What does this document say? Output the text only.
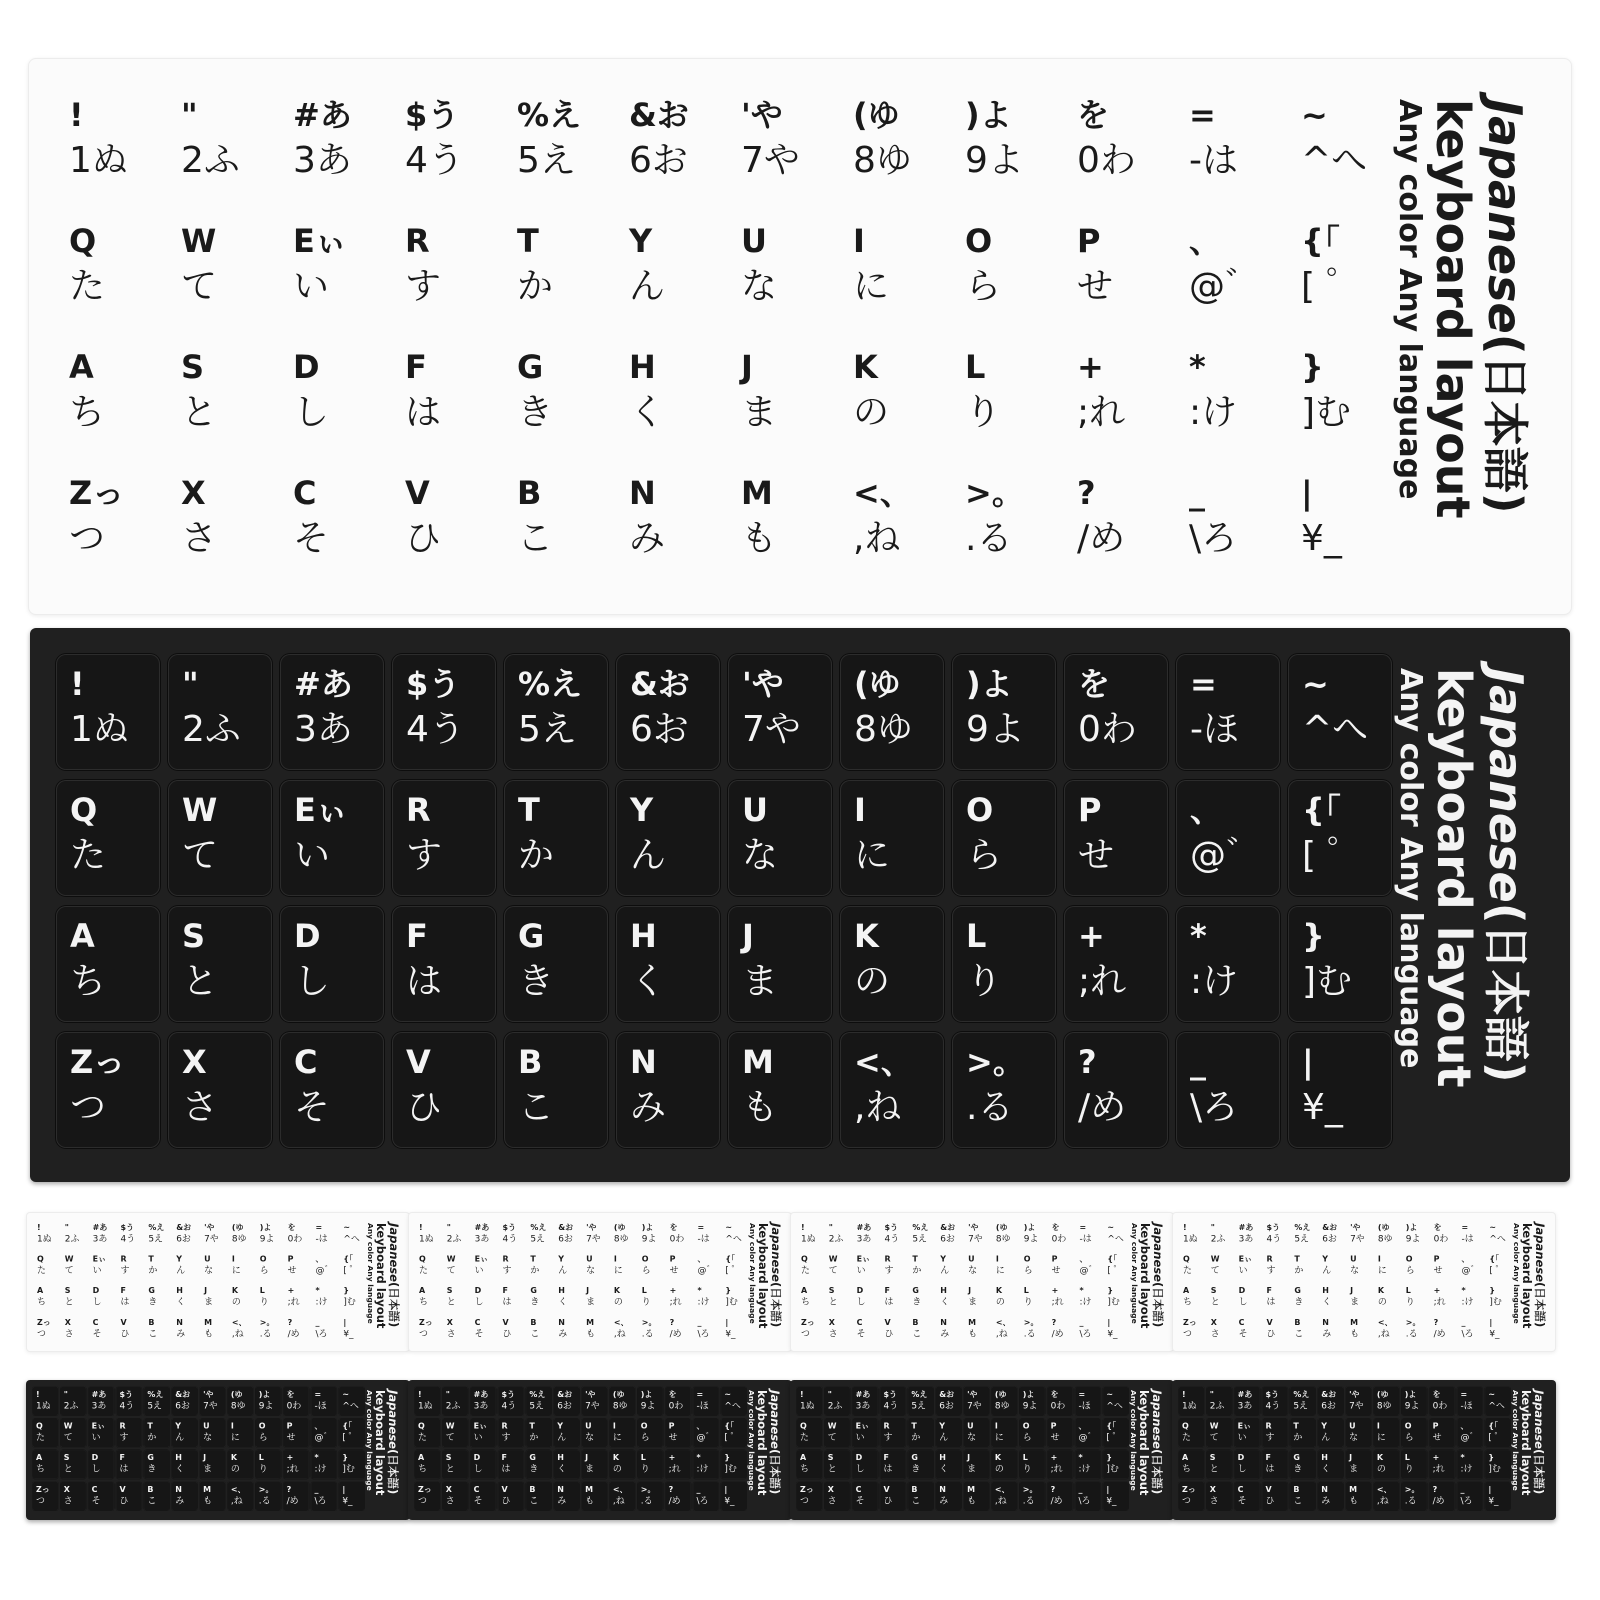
!
1ぬ
"
2ふ
#あ
3あ
$う
4う
%え
5え
&お
6お
'や
7や
(ゆ
8ゆ
)よ
9よ
を
0わ
=
-は
~
^へ
Q
た
W
て
Eぃ
い
R
す
T
か
Y
ん
U
な
I
に
O
ら
P
せ
、
@゛
{「
[ ゜
A
ち
S
と
D
し
F
は
G
き
H
く
J
ま
K
の
L
り
+
;れ
*
:け
}
]む
Zっ
つ
X
さ
C
そ
V
ひ
B
こ
N
み
M
も
<、
,ね
>。
.る
?
/め
_
\ろ
|
¥_
Japanese(日本語)
keyboard layout
Any color Any language
!
1ぬ
"
2ふ
#あ
3あ
$う
4う
%え
5え
&お
6お
'や
7や
(ゆ
8ゆ
)よ
9よ
を
0わ
=
-ほ
~
^へ
Q
た
W
て
Eぃ
い
R
す
T
か
Y
ん
U
な
I
に
O
ら
P
せ
、
@゛
{「
[ ゜
A
ち
S
と
D
し
F
は
G
き
H
く
J
ま
K
の
L
り
+
;れ
*
:け
}
]む
Zっ
つ
X
さ
C
そ
V
ひ
B
こ
N
み
M
も
<、
,ね
>。
.る
?
/め
_
\ろ
|
¥_
Japanese(日本語)
keyboard layout
Any color Any language
!
1ぬ
"
2ふ
#あ
3あ
$う
4う
%え
5え
&お
6お
'や
7や
(ゆ
8ゆ
)よ
9よ
を
0わ
=
-は
~
^へ
Q
た
W
て
Eぃ
い
R
す
T
か
Y
ん
U
な
I
に
O
ら
P
せ
、
@゛
{「
[ ゜
A
ち
S
と
D
し
F
は
G
き
H
く
J
ま
K
の
L
り
+
;れ
*
:け
}
]む
Zっ
つ
X
さ
C
そ
V
ひ
B
こ
N
み
M
も
<、
,ね
>。
.る
?
/め
_
\ろ
|
¥_
Japanese(日本語)
keyboard layout
Any color Any language !
1ぬ
"
2ふ
#あ
3あ
$う
4う
%え
5え
&お
6お
'や
7や
(ゆ
8ゆ
)よ
9よ
を
0わ
=
-は
~
^へ
Q
た
W
て
Eぃ
い
R
す
T
か
Y
ん
U
な
I
に
O
ら
P
せ
、
@゛
{「
[ ゜
A
ち
S
と
D
し
F
は
G
き
H
く
J
ま
K
の
L
り
+
;れ
*
:け
}
]む
Zっ
つ
X
さ
C
そ
V
ひ
B
こ
N
み
M
も
<、
,ね
>。
.る
?
/め
_
\ろ
|
¥_
Japanese(日本語)
keyboard layout
Any color Any language !
1ぬ
"
2ふ
#あ
3あ
$う
4う
%え
5え
&お
6お
'や
7や
(ゆ
8ゆ
)よ
9よ
を
0わ
=
-は
~
^へ
Q
た
W
て
Eぃ
い
R
す
T
か
Y
ん
U
な
I
に
O
ら
P
せ
、
@゛
{「
[ ゜
A
ち
S
と
D
し
F
は
G
き
H
く
J
ま
K
の
L
り
+
;れ
*
:け
}
]む
Zっ
つ
X
さ
C
そ
V
ひ
B
こ
N
み
M
も
<、
,ね
>。
.る
?
/め
_
\ろ
|
¥_
Japanese(日本語)
keyboard layout
Any color Any language !
1ぬ
"
2ふ
#あ
3あ
$う
4う
%え
5え
&お
6お
'や
7や
(ゆ
8ゆ
)よ
9よ
を
0わ
=
-は
~
^へ
Q
た
W
て
Eぃ
い
R
す
T
か
Y
ん
U
な
I
に
O
ら
P
せ
、
@゛
{「
[ ゜
A
ち
S
と
D
し
F
は
G
き
H
く
J
ま
K
の
L
り
+
;れ
*
:け
}
]む
Zっ
つ
X
さ
C
そ
V
ひ
B
こ
N
み
M
も
<、
,ね
>。
.る
?
/め
_
\ろ
|
¥_
Japanese(日本語)
keyboard layout
Any color Any language
!
1ぬ
"
2ふ
#あ
3あ
$う
4う
%え
5え
&お
6お
'や
7や
(ゆ
8ゆ
)よ
9よ
を
0わ
=
-ほ
~
^へ
Q
た
W
て
Eぃ
い
R
す
T
か
Y
ん
U
な
I
に
O
ら
P
せ
、
@゛
{「
[ ゜
A
ち
S
と
D
し
F
は
G
き
H
く
J
ま
K
の
L
り
+
;れ
*
:け
}
]む
Zっ
つ
X
さ
C
そ
V
ひ
B
こ
N
み
M
も
<、
,ね
>。
.る
?
/め
_
\ろ
|
¥_
Japanese(日本語)
keyboard layout
Any color Any language !
1ぬ
"
2ふ
#あ
3あ
$う
4う
%え
5え
&お
6お
'や
7や
(ゆ
8ゆ
)よ
9よ
を
0わ
=
-ほ
~
^へ
Q
た
W
て
Eぃ
い
R
す
T
か
Y
ん
U
な
I
に
O
ら
P
せ
、
@゛
{「
[ ゜
A
ち
S
と
D
し
F
は
G
き
H
く
J
ま
K
の
L
り
+
;れ
*
:け
}
]む
Zっ
つ
X
さ
C
そ
V
ひ
B
こ
N
み
M
も
<、
,ね
>。
.る
?
/め
_
\ろ
|
¥_
Japanese(日本語)
keyboard layout
Any color Any language !
1ぬ
"
2ふ
#あ
3あ
$う
4う
%え
5え
&お
6お
'や
7や
(ゆ
8ゆ
)よ
9よ
を
0わ
=
-ほ
~
^へ
Q
た
W
て
Eぃ
い
R
す
T
か
Y
ん
U
な
I
に
O
ら
P
せ
、
@゛
{「
[ ゜
A
ち
S
と
D
し
F
は
G
き
H
く
J
ま
K
の
L
り
+
;れ
*
:け
}
]む
Zっ
つ
X
さ
C
そ
V
ひ
B
こ
N
み
M
も
<、
,ね
>。
.る
?
/め
_
\ろ
|
¥_
Japanese(日本語)
keyboard layout
Any color Any language !
1ぬ
"
2ふ
#あ
3あ
$う
4う
%え
5え
&お
6お
'や
7や
(ゆ
8ゆ
)よ
9よ
を
0わ
=
-ほ
~
^へ
Q
た
W
て
Eぃ
い
R
す
T
か
Y
ん
U
な
I
に
O
ら
P
せ
、
@゛
{「
[ ゜
A
ち
S
と
D
し
F
は
G
き
H
く
J
ま
K
の
L
り
+
;れ
*
:け
}
]む
Zっ
つ
X
さ
C
そ
V
ひ
B
こ
N
み
M
も
<、
,ね
>。
.る
?
/め
_
\ろ
|
¥_
Japanese(日本語)
keyboard layout
Any color Any language
